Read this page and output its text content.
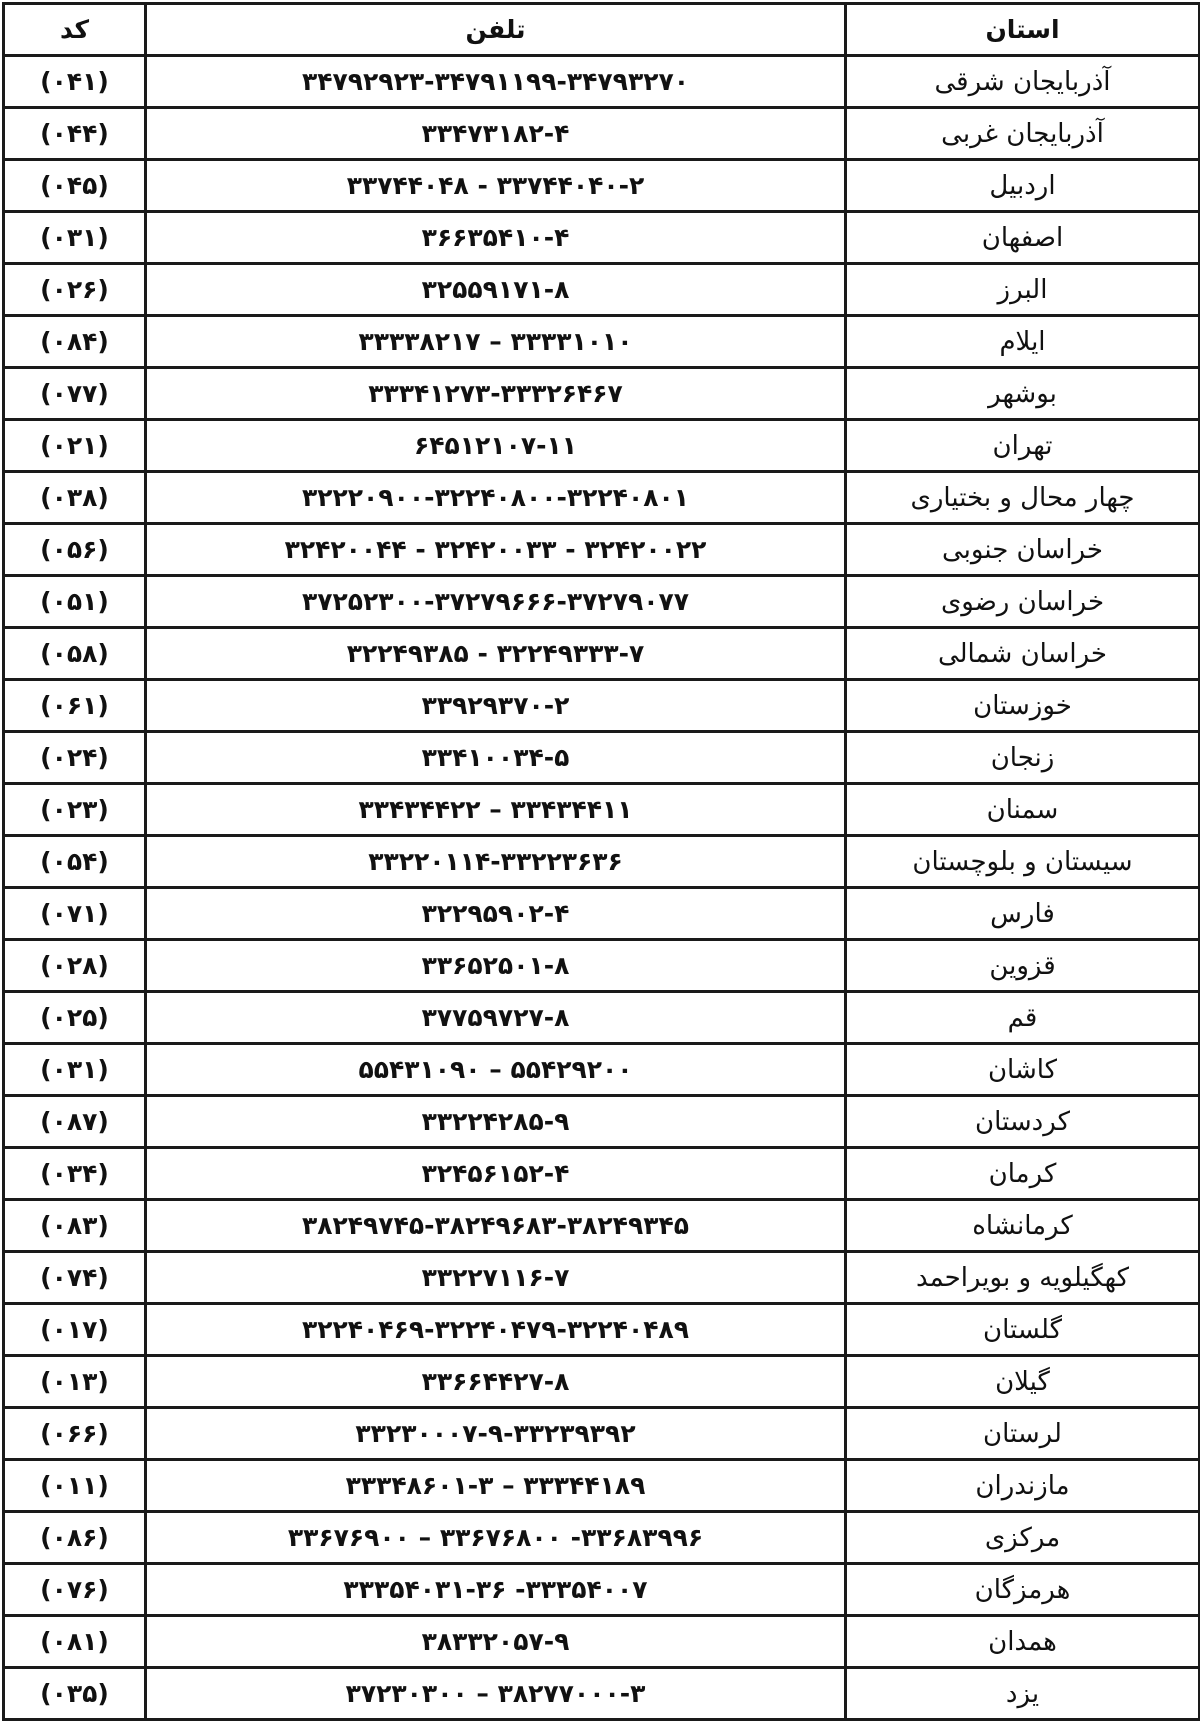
کد	تلفن	استان
(۰۴۱)	۳۴۷۹۲۹۲۳-۳۴۷۹۱۱۹۹-۳۴۷۹۳۲۷۰	آذربایجان شرقی
(۰۴۴)	۳۳۴۷۳۱۸۲-۴	آذربایجان غربی
(۰۴۵)	۳۳۷۴۴۰۴۰-۲ - ۳۳۷۴۴۰۴۸	اردبیل
(۰۳۱)	۳۶۶۳۵۴۱۰-۴	اصفهان
(۰۲۶)	۳۲۵۵۹۱۷۱-۸	البرز
(۰۸۴)	۳۳۳۳۱۰۱۰ – ۳۳۳۳۸۲۱۷	ایلام
(۰۷۷)	۳۳۳۴۱۲۷۳-۳۳۳۲۶۴۶۷	بوشهر
(۰۲۱)	۶۴۵۱۲۱۰۷-۱۱	تهران
(۰۳۸)	۳۲۲۲۰۹۰۰-۳۲۲۴۰۸۰۰-۳۲۲۴۰۸۰۱	چهار محال و بختیاری
(۰۵۶)	۳۲۴۲۰۰۲۲ - ۳۲۴۲۰۰۳۳ - ۳۲۴۲۰۰۴۴	خراسان جنوبی
(۰۵۱)	۳۷۲۵۲۳۰۰-۳۷۲۷۹۶۶۶-۳۷۲۷۹۰۷۷	خراسان رضوی
(۰۵۸)	۳۲۲۴۹۳۳۳-۷ - ۳۲۲۴۹۳۸۵	خراسان شمالی
(۰۶۱)	۳۳۹۲۹۳۷۰-۲	خوزستان
(۰۲۴)	۳۳۴۱۰۰۳۴-۵	زنجان
(۰۲۳)	۳۳۴۳۴۴۱۱ – ۳۳۴۳۴۴۲۲	سمنان
(۰۵۴)	۳۳۲۲۰۱۱۴-۳۳۲۲۳۶۳۶	سیستان و بلوچستان
(۰۷۱)	۳۲۲۹۵۹۰۲-۴	فارس
(۰۲۸)	۳۳۶۵۲۵۰۱-۸	قزوین
(۰۲۵)	۳۷۷۵۹۷۲۷-۸	قم
(۰۳۱)	۵۵۴۲۹۲۰۰ – ۵۵۴۳۱۰۹۰	کاشان
(۰۸۷)	۳۳۲۲۴۲۸۵-۹	کردستان
(۰۳۴)	۳۲۴۵۶۱۵۲-۴	کرمان
(۰۸۳)	۳۸۲۴۹۷۴۵-۳۸۲۴۹۶۸۳-۳۸۲۴۹۳۴۵	کرمانشاه
(۰۷۴)	۳۳۲۲۷۱۱۶-۷	کهگیلویه و بویراحمد
(۰۱۷)	۳۲۲۴۰۴۶۹-۳۲۲۴۰۴۷۹-۳۲۲۴۰۴۸۹	گلستان
(۰۱۳)	۳۳۶۶۴۴۲۷-۸	گیلان
(۰۶۶)	۳۳۲۳۰۰۰۷-۹-۳۳۲۳۹۳۹۲	لرستان
(۰۱۱)	۳۳۳۴۴۱۸۹ – ۳۳۳۴۸۶۰۱-۳	مازندران
(۰۸۶)	۳۳۶۸۳۹۹۶- ۳۳۶۷۶۸۰۰ – ۳۳۶۷۶۹۰۰	مرکزی
(۰۷۶)	۳۳۳۵۴۰۰۷- ۳۳۳۵۴۰۳۱-۳۶	هرمزگان
(۰۸۱)	۳۸۳۳۲۰۵۷-۹	همدان
(۰۳۵)	۳۸۲۷۷۰۰۰-۳ – ۳۷۲۳۰۳۰۰	یزد
